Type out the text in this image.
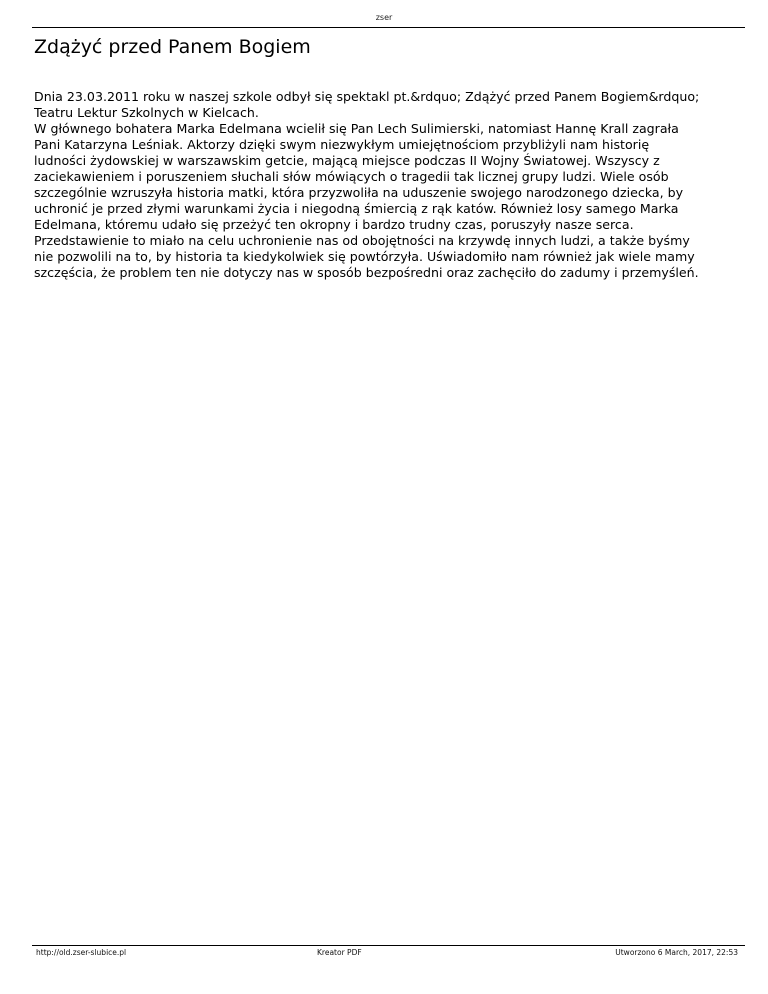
zser
Zdążyć przed Panem Bogiem
Dnia 23.03.2011 roku w naszej szkole odbył się spektakl pt.&rdquo; Zdążyć przed Panem Bogiem&rdquo;
Teatru Lektur Szkolnych w Kielcach.
W głównego bohatera Marka Edelmana wcielił się Pan Lech Sulimierski, natomiast Hannę Krall zagrała
Pani Katarzyna Leśniak. Aktorzy dzięki swym niezwykłym umiejętnościom przybliżyli nam historię
ludności żydowskiej w warszawskim getcie, mającą miejsce podczas II Wojny Światowej. Wszyscy z
zaciekawieniem i poruszeniem słuchali słów mówiących o tragedii tak licznej grupy ludzi. Wiele osób
szczególnie wzruszyła historia matki, która przyzwoliła na uduszenie swojego narodzonego dziecka, by
uchronić je przed złymi warunkami życia i niegodną śmiercią z rąk katów. Również losy samego Marka
Edelmana, któremu udało się przeżyć ten okropny i bardzo trudny czas, poruszyły nasze serca.
Przedstawienie to miało na celu uchronienie nas od obojętności na krzywdę innych ludzi, a także byśmy
nie pozwolili na to, by historia ta kiedykolwiek się powtórzyła. Uświadomiło nam również jak wiele mamy
szczęścia, że problem ten nie dotyczy nas w sposób bezpośredni oraz zachęciło do zadumy i przemyśleń.
http://old.zser-slubice.pl	Kreator PDF	Utworzono 6 March, 2017, 22:53
